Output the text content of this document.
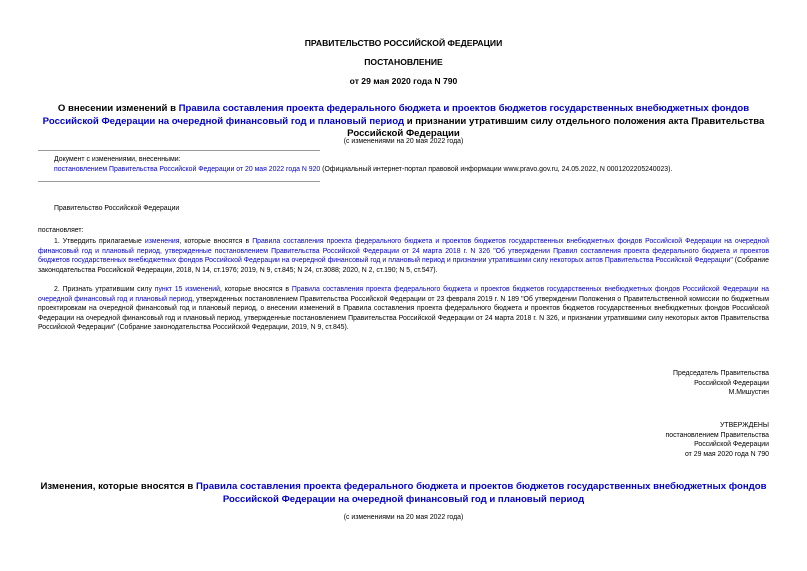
ПРАВИТЕЛЬСТВО РОССИЙСКОЙ ФЕДЕРАЦИИ
ПОСТАНОВЛЕНИЕ
от 29 мая 2020 года N 790
О внесении изменений в Правила составления проекта федерального бюджета и проектов бюджетов государственных внебюджетных фондов Российской Федерации на очередной финансовый год и плановый период и признании утратившим силу отдельного положения акта Правительства Российской Федерации
(с изменениями на 20 мая 2022 года)
Документ с изменениями, внесенными:
постановлением Правительства Российской Федерации от 20 мая 2022 года N 920 (Официальный интернет-портал правовой информации www.pravo.gov.ru, 24.05.2022, N 0001202205240023).
Правительство Российской Федерации
постановляет:
1. Утвердить прилагаемые изменения, которые вносятся в Правила составления проекта федерального бюджета и проектов бюджетов государственных внебюджетных фондов Российской Федерации на очередной финансовый год и плановый период, утвержденные постановлением Правительства Российской Федерации от 24 марта 2018 г. N 326 "Об утверждении Правил составления проекта федерального бюджета и проектов бюджетов государственных внебюджетных фондов Российской Федерации на очередной финансовый год и плановый период и признании утратившими силу некоторых актов Правительства Российской Федерации" (Собрание законодательства Российской Федерации, 2018, N 14, ст.1976; 2019, N 9, ст.845; N 24, ст.3088; 2020, N 2, ст.190; N 5, ст.547).
2. Признать утратившим силу пункт 15 изменений, которые вносятся в Правила составления проекта федерального бюджета и проектов бюджетов государственных внебюджетных фондов Российской Федерации на очередной финансовый год и плановый период, утвержденных постановлением Правительства Российской Федерации от 23 февраля 2019 г. N 189 "Об утверждении Положения о Правительственной комиссии по бюджетным проектировкам на очередной финансовый год и плановый период, о внесении изменений в Правила составления проекта федерального бюджета и проектов бюджетов государственных внебюджетных фондов Российской Федерации на очередной финансовый год и плановый период, утвержденные постановлением Правительства Российской Федерации от 24 марта 2018 г. N 326, и признании утратившими силу некоторых актов Правительства Российской Федерации" (Собрание законодательства Российской Федерации, 2019, N 9, ст.845).
Председатель Правительства
Российской Федерации
М.Мишустин
УТВЕРЖДЕНЫ
постановлением Правительства
Российской Федерации
от 29 мая 2020 года N 790
Изменения, которые вносятся в Правила составления проекта федерального бюджета и проектов бюджетов государственных внебюджетных фондов Российской Федерации на очередной финансовый год и плановый период
(с изменениями на 20 мая 2022 года)
